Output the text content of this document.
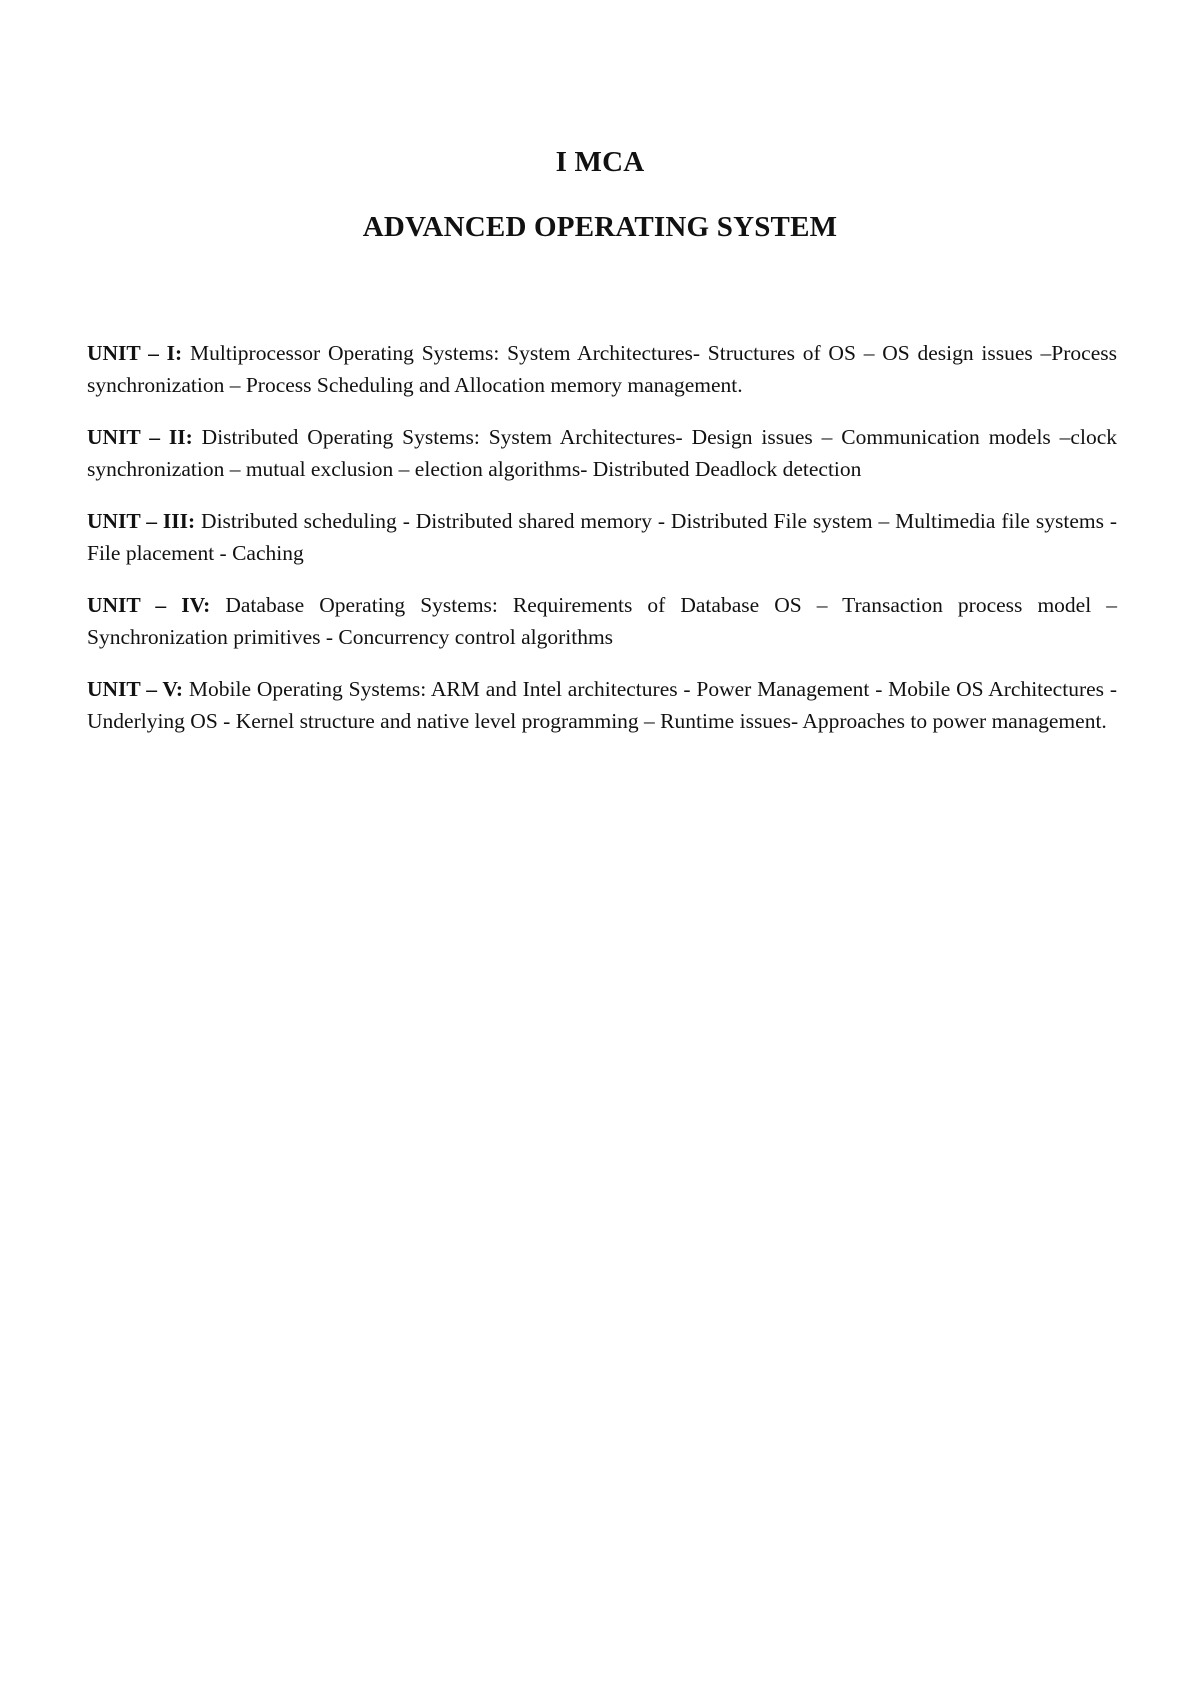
I MCA
ADVANCED OPERATING SYSTEM

UNIT – I: Multiprocessor Operating Systems: System Architectures- Structures of OS – OS design issues –Process synchronization – Process Scheduling and Allocation memory management.

UNIT – II: Distributed Operating Systems: System Architectures- Design issues – Communication models –clock synchronization – mutual exclusion – election algorithms- Distributed Deadlock detection

UNIT – III: Distributed scheduling - Distributed shared memory - Distributed File system – Multimedia file systems - File placement - Caching

UNIT – IV: Database Operating Systems: Requirements of Database OS – Transaction process model – Synchronization primitives - Concurrency control algorithms

UNIT – V: Mobile Operating Systems: ARM and Intel architectures - Power Management - Mobile OS Architectures - Underlying OS - Kernel structure and native level programming – Runtime issues- Approaches to power management.
